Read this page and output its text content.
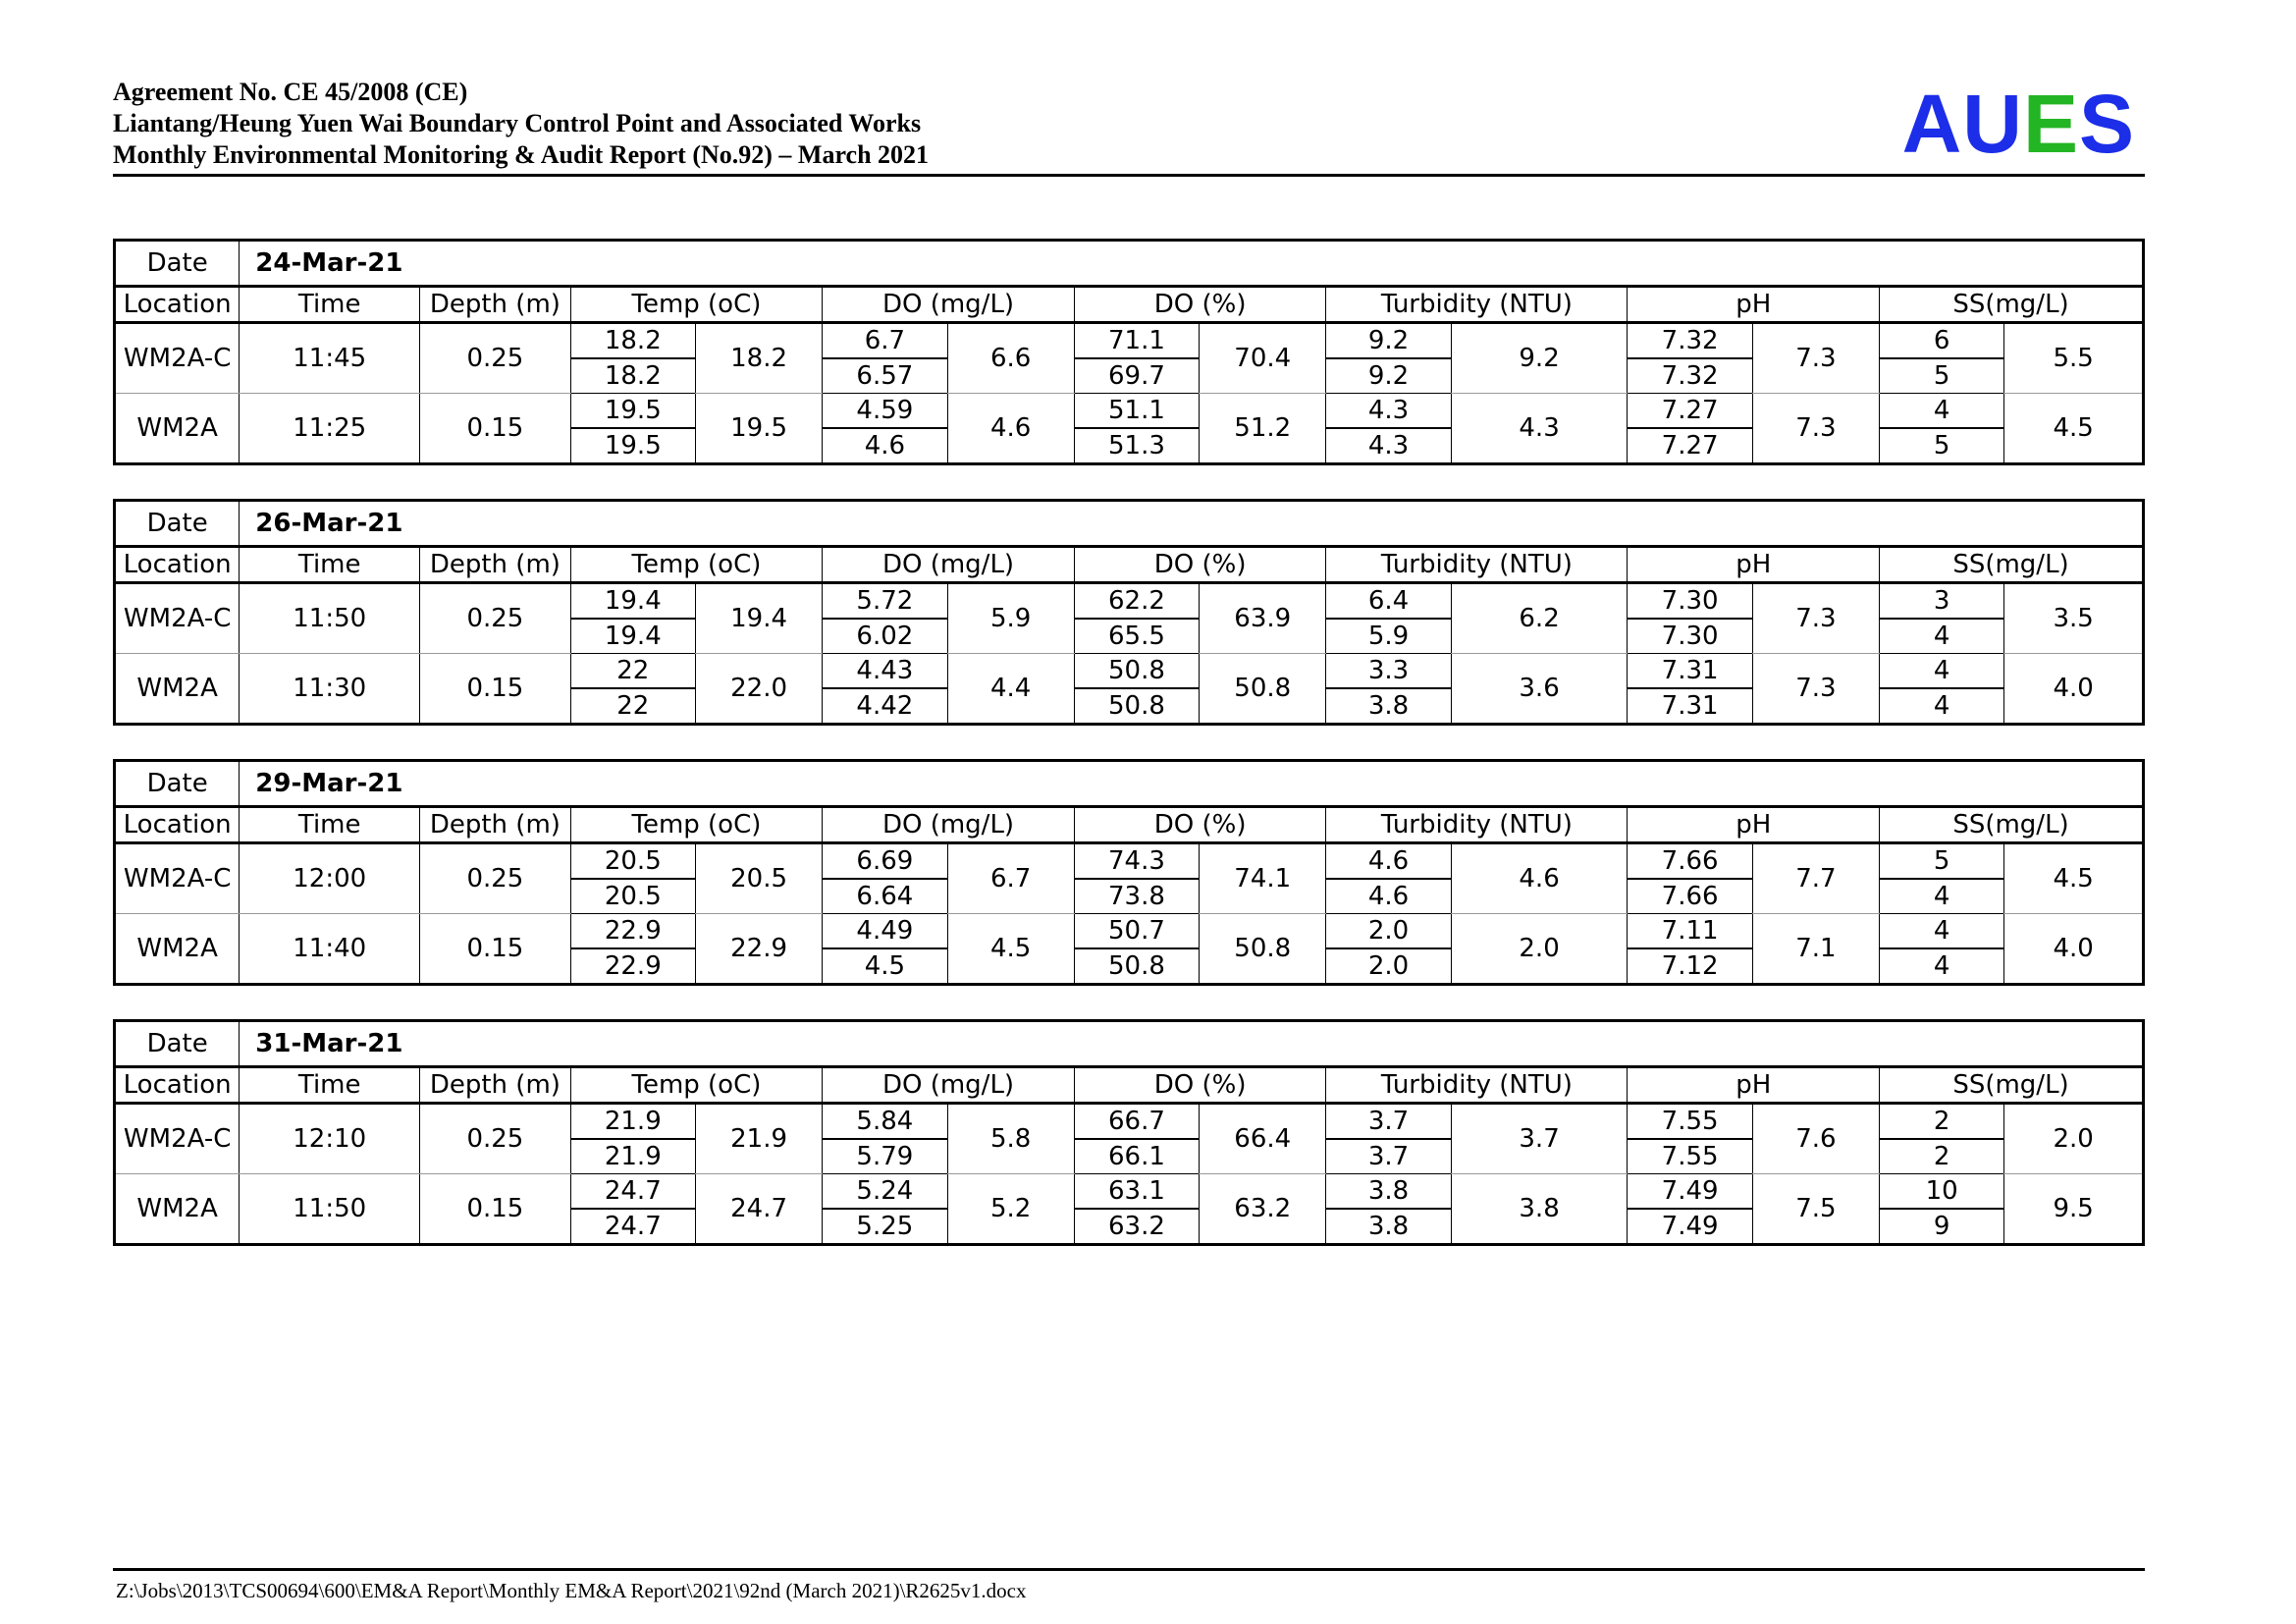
Agreement No. CE 45/2008 (CE)
Liantang/Heung Yuen Wai Boundary Control Point and Associated Works
Monthly Environmental Monitoring & Audit Report (No.92) – March 2021	AUES
Date	24-Mar-21													
Location	Time	Depth (m)	Temp (oC)		DO (mg/L)		DO (%)		Turbidity (NTU)		pH		SS(mg/L)	
WM2A-C	11:45	0.25	18.2	18.2	6.7	6.6	71.1	70.4	9.2	9.2	7.32	7.3	6	5.5
			18.2		6.57		69.7		9.2		7.32		5	
WM2A	11:25	0.15	19.5	19.5	4.59	4.6	51.1	51.2	4.3	4.3	7.27	7.3	4	4.5
			19.5		4.6		51.3		4.3		7.27		5	
Date	26-Mar-21													
Location	Time	Depth (m)	Temp (oC)		DO (mg/L)		DO (%)		Turbidity (NTU)		pH		SS(mg/L)	
WM2A-C	11:50	0.25	19.4	19.4	5.72	5.9	62.2	63.9	6.4	6.2	7.30	7.3	3	3.5
			19.4		6.02		65.5		5.9		7.30		4	
WM2A	11:30	0.15	22	22.0	4.43	4.4	50.8	50.8	3.3	3.6	7.31	7.3	4	4.0
			22		4.42		50.8		3.8		7.31		4	
Date	29-Mar-21													
Location	Time	Depth (m)	Temp (oC)		DO (mg/L)		DO (%)		Turbidity (NTU)		pH		SS(mg/L)	
WM2A-C	12:00	0.25	20.5	20.5	6.69	6.7	74.3	74.1	4.6	4.6	7.66	7.7	5	4.5
			20.5		6.64		73.8		4.6		7.66		4	
WM2A	11:40	0.15	22.9	22.9	4.49	4.5	50.7	50.8	2.0	2.0	7.11	7.1	4	4.0
			22.9		4.5		50.8		2.0		7.12		4	
Date	31-Mar-21													
Location	Time	Depth (m)	Temp (oC)		DO (mg/L)		DO (%)		Turbidity (NTU)		pH		SS(mg/L)	
WM2A-C	12:10	0.25	21.9	21.9	5.84	5.8	66.7	66.4	3.7	3.7	7.55	7.6	2	2.0
			21.9		5.79		66.1		3.7		7.55		2	
WM2A	11:50	0.15	24.7	24.7	5.24	5.2	63.1	63.2	3.8	3.8	7.49	7.5	10	9.5
			24.7		5.25		63.2		3.8		7.49		9	
Z:\Jobs\2013\TCS00694\600\EM&A Report\Monthly EM&A Report\2021\92nd (March 2021)\R2625v1.docx
